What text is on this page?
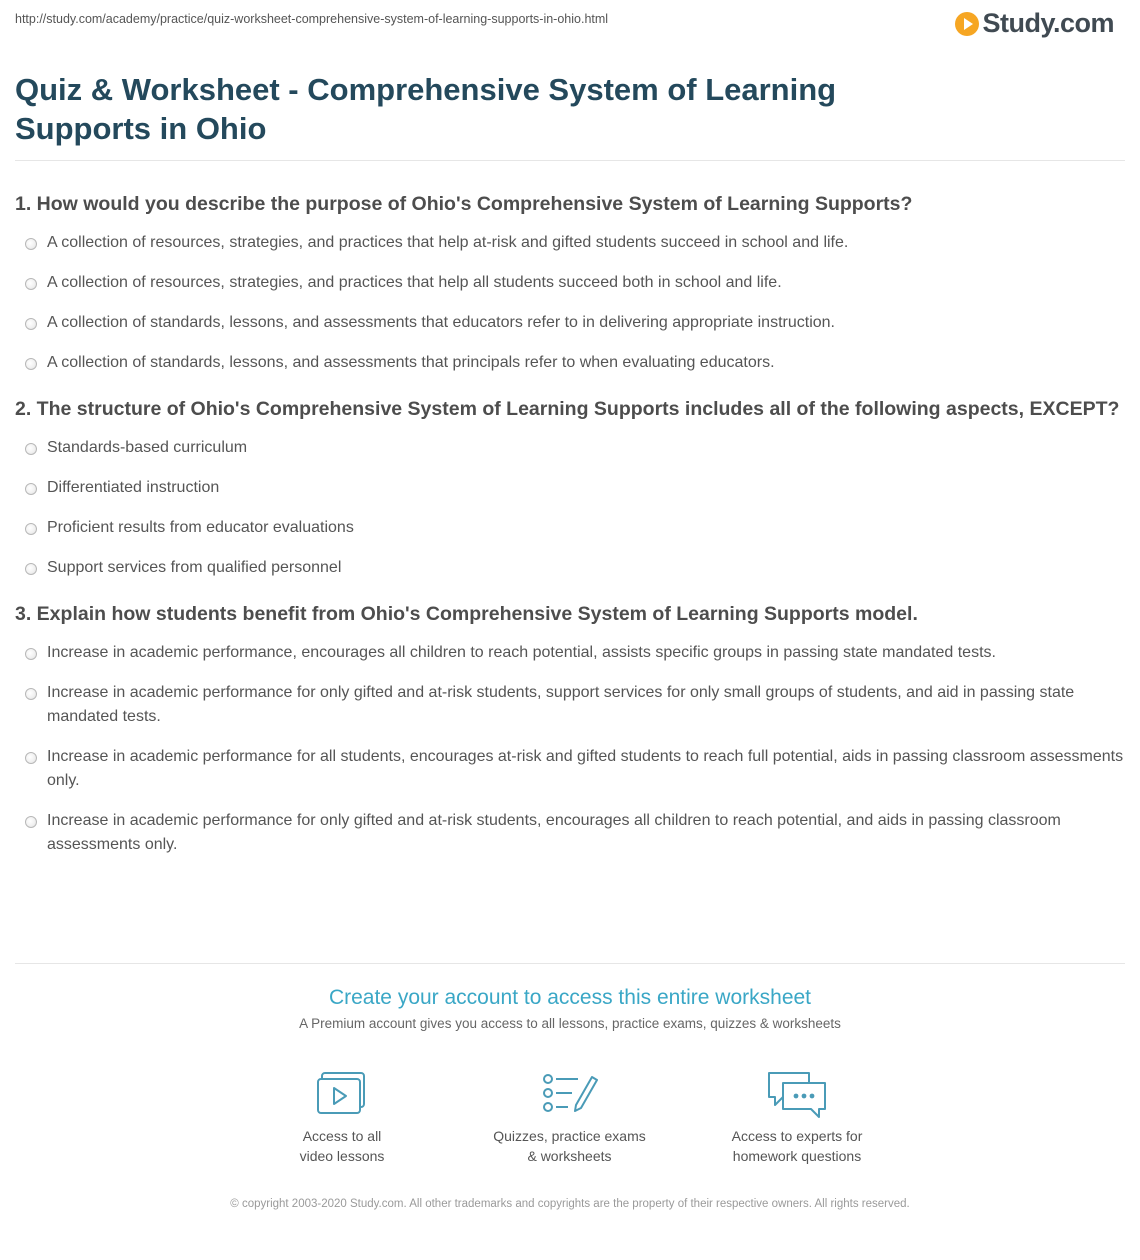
http://study.com/academy/practice/quiz-worksheet-comprehensive-system-of-learning-supports-in-ohio.html	Study.com
Quiz & Worksheet - Comprehensive System of Learning Supports in Ohio
1. How would you describe the purpose of Ohio's Comprehensive System of Learning Supports?
A collection of resources, strategies, and practices that help at-risk and gifted students succeed in school and life.
A collection of resources, strategies, and practices that help all students succeed both in school and life.
A collection of standards, lessons, and assessments that educators refer to in delivering appropriate instruction.
A collection of standards, lessons, and assessments that principals refer to when evaluating educators.
2. The structure of Ohio's Comprehensive System of Learning Supports includes all of the following aspects, EXCEPT?
Standards-based curriculum
Differentiated instruction
Proficient results from educator evaluations
Support services from qualified personnel
3. Explain how students benefit from Ohio's Comprehensive System of Learning Supports model.
Increase in academic performance, encourages all children to reach potential, assists specific groups in passing state mandated tests.
Increase in academic performance for only gifted and at-risk students, support services for only small groups of students, and aid in passing state mandated tests.
Increase in academic performance for all students, encourages at-risk and gifted students to reach full potential, aids in passing classroom assessments only.
Increase in academic performance for only gifted and at-risk students, encourages all children to reach potential, and aids in passing classroom assessments only.
Create your account to access this entire worksheet
A Premium account gives you access to all lessons, practice exams, quizzes & worksheets
Access to all
video lessons
Quizzes, practice exams
& worksheets
Access to experts for
homework questions
© copyright 2003-2020 Study.com. All other trademarks and copyrights are the property of their respective owners. All rights reserved.
